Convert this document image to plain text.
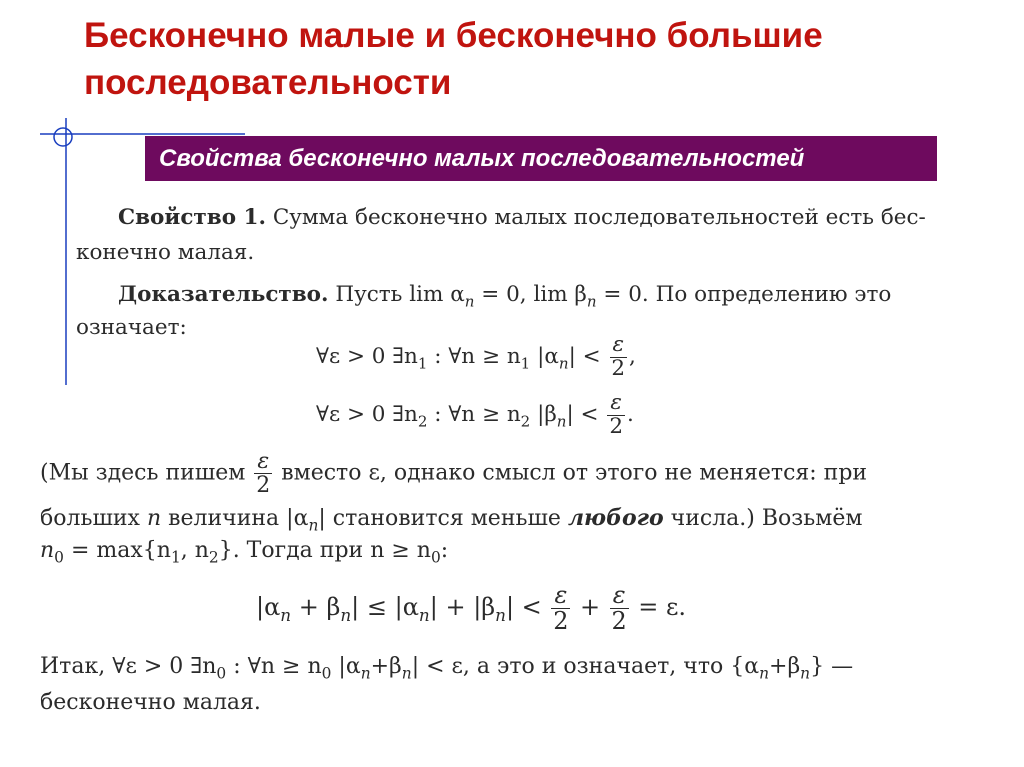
Бесконечно малые и бесконечно большие
последовательности
Свойства бесконечно малых последовательностей
Свойство 1. Сумма бесконечно малых последовательностей есть бес-
конечно малая.
Доказательство. Пусть $\lim \alpha_n = 0$, $\lim \beta_n = 0$. По определению это
означает:
∀ε > 0 $\exists n_1$ : ∀n ≥ $n_1$ $|\alpha_n| < \frac{\varepsilon}{2}$ ,
∀ε > 0 $\exists n_2$ : ∀n ≥ $n_2$ $|\beta_n| < \frac{\varepsilon}{2}$ .
(Мы здесь пишем $\frac{\varepsilon}{2}$ вместо ε, однако смысл от этого не меняется: при
больших n величина $|\alpha_n|$ становится меньше любого числа.) Возьмём
$n_0 = \max\{n_1$, $n_2$}. Тогда при $n \ge n_0$:
$|\alpha_n + \beta_n| \le |\alpha_n| + |\beta_n| < \frac{\varepsilon}{2} + \frac{\varepsilon}{2} = \varepsilon$.
Итак, ∀ε > 0 $\exists n_0$ : ∀n ≥ $n_0$ $|\alpha_n+\beta_n| < \varepsilon$, а это и означает, что $\{\alpha_n+\beta_n\}$ —
бесконечно малая.
